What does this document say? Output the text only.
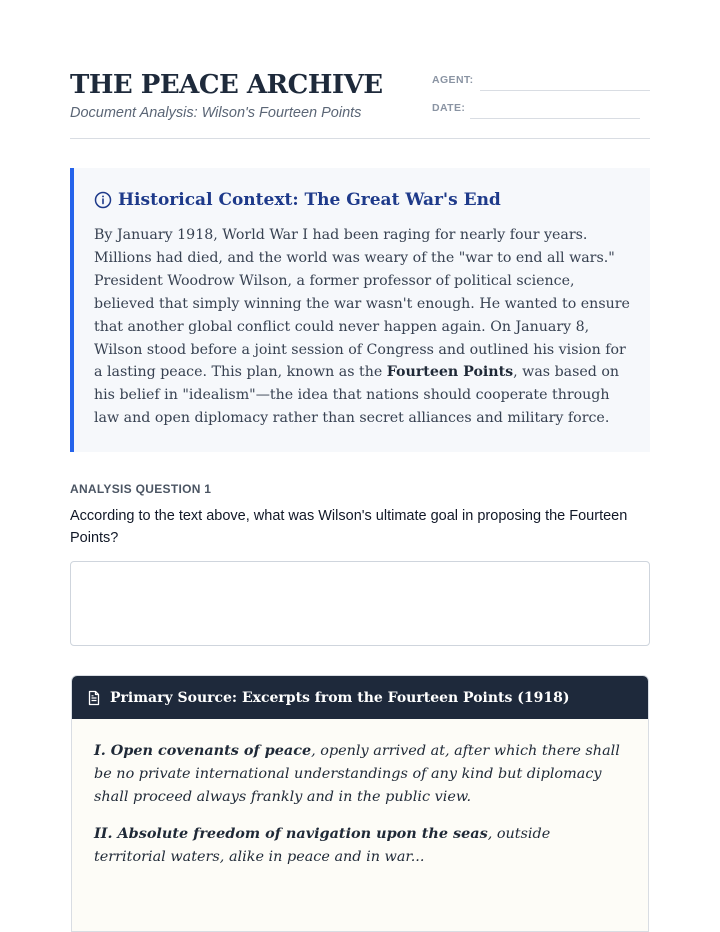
THE PEACE ARCHIVE
Document Analysis: Wilson's Fourteen Points
AGENT:
DATE:
Historical Context: The Great War's End

By January 1918, World War I had been raging for nearly four years. Millions had died, and the world was weary of the "war to end all wars." President Woodrow Wilson, a former professor of political science, believed that simply winning the war wasn't enough. He wanted to ensure that another global conflict could never happen again. On January 8, Wilson stood before a joint session of Congress and outlined his vision for a lasting peace. This plan, known as the Fourteen Points, was based on his belief in "idealism"—the idea that nations should cooperate through law and open diplomacy rather than secret alliances and military force.

ANALYSIS QUESTION 1

According to the text above, what was Wilson's ultimate goal in proposing the Fourteen Points?

Primary Source: Excerpts from the Fourteen Points (1918)

I. Open covenants of peace, openly arrived at, after which there shall be no private international understandings of any kind but diplomacy shall proceed always frankly and in the public view.

II. Absolute freedom of navigation upon the seas, outside territorial waters, alike in peace and in war...
